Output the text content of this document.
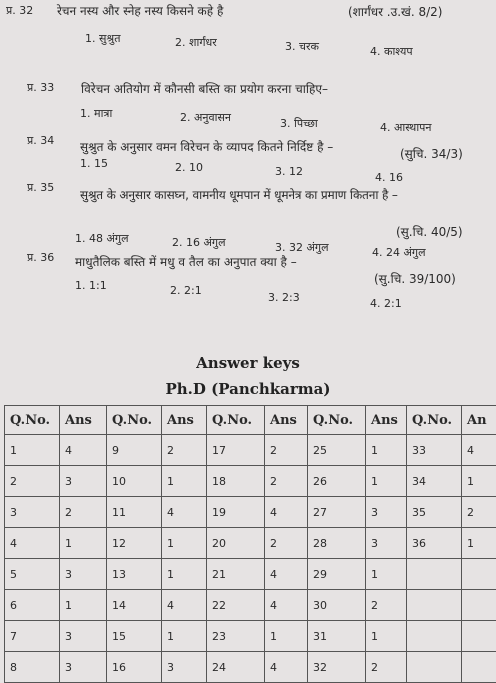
प्र. 32 रेचन नस्य और स्नेह नस्य किसने कहे है	(शार्गंधर .उ.खं. 8/2)
1. सुश्रुत	2. शार्गंधर	3. चरक	4. काश्यप
प्र. 33 विरेचन अतियोग में कौनसी बस्ति का प्रयोग करना चाहिए–
1. मात्रा	2. अनुवासन	3. पिच्छा	4. आस्थापन
प्र. 34 सुश्रुत के अनुसार वमन विरेचन के व्यापद कितने निर्दिष्ट है –	(सुचि. 34/3)
1. 15	2. 10	3. 12	4. 16
प्र. 35
सुश्रुत के अनुसार कासघ्न, वामनीय धूमपान में धूमनेत्र का प्रमाण कितना है –
(सु.चि. 40/5)
1. 48 अंगुल	2. 16 अंगुल	3. 32 अंगुल	4. 24 अंगुल
प्र. 36 माधुतैलिक बस्ति में मधु व तैल का अनुपात क्या है –
(सु.चि. 39/100)
1. 1:1	2. 2:1
3. 2:3	4. 2:1
Answer keys
Ph.D (Panchkarma)
Q.No.	Ans	Q.No.	Ans	Q.No.	Ans	Q.No.	Ans	Q.No.	An
1	4	9	2	17	2	25	1	33	4
2	3	10	1	18	2	26	1	34	1
3	2	11	4	19	4	27	3	35	2
4	1	12	1	20	2	28	3	36	1
5	3	13	1	21	4	29	1		
6	1	14	4	22	4	30	2		
7	3	15	1	23	1	31	1		
8	3	16	3	24	4	32	2		
